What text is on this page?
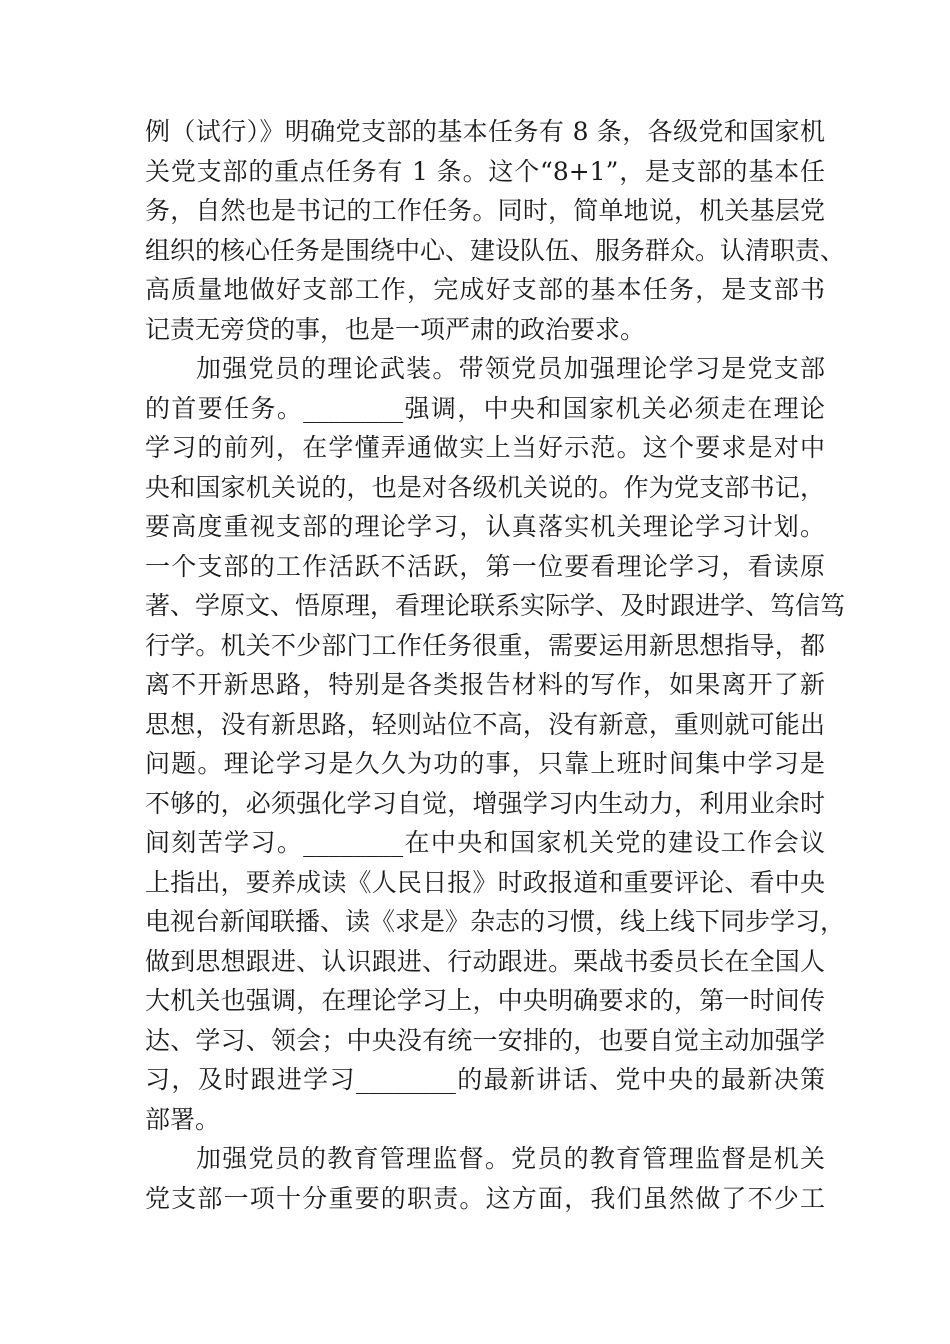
例（试行）》明确党支部的基本任务有 8 条，各级党和国家机
关党支部的重点任务有 1 条。这个“8+1”，是支部的基本任
务，自然也是书记的工作任务。同时，简单地说，机关基层党
组织的核心任务是围绕中心、建设队伍、服务群众。认清职责、
高质量地做好支部工作，完成好支部的基本任务，是支部书
记责无旁贷的事，也是一项严肃的政治要求。
加强党员的理论武装。带领党员加强理论学习是党支部
的首要任务。________强调，中央和国家机关必须走在理论
学习的前列，在学懂弄通做实上当好示范。这个要求是对中
央和国家机关说的，也是对各级机关说的。作为党支部书记，
要高度重视支部的理论学习，认真落实机关理论学习计划。
一个支部的工作活跃不活跃，第一位要看理论学习，看读原
著、学原文、悟原理，看理论联系实际学、及时跟进学、笃信笃
行学。机关不少部门工作任务很重，需要运用新思想指导，都
离不开新思路，特别是各类报告材料的写作，如果离开了新
思想，没有新思路，轻则站位不高，没有新意，重则就可能出
问题。理论学习是久久为功的事，只靠上班时间集中学习是
不够的，必须强化学习自觉，增强学习内生动力，利用业余时
间刻苦学习。________在中央和国家机关党的建设工作会议
上指出，要养成读《人民日报》时政报道和重要评论、看中央
电视台新闻联播、读《求是》杂志的习惯，线上线下同步学习，
做到思想跟进、认识跟进、行动跟进。栗战书委员长在全国人
大机关也强调，在理论学习上，中央明确要求的，第一时间传
达、学习、领会；中央没有统一安排的，也要自觉主动加强学
习，及时跟进学习________的最新讲话、党中央的最新决策
部署。
加强党员的教育管理监督。党员的教育管理监督是机关
党支部一项十分重要的职责。这方面，我们虽然做了不少工
